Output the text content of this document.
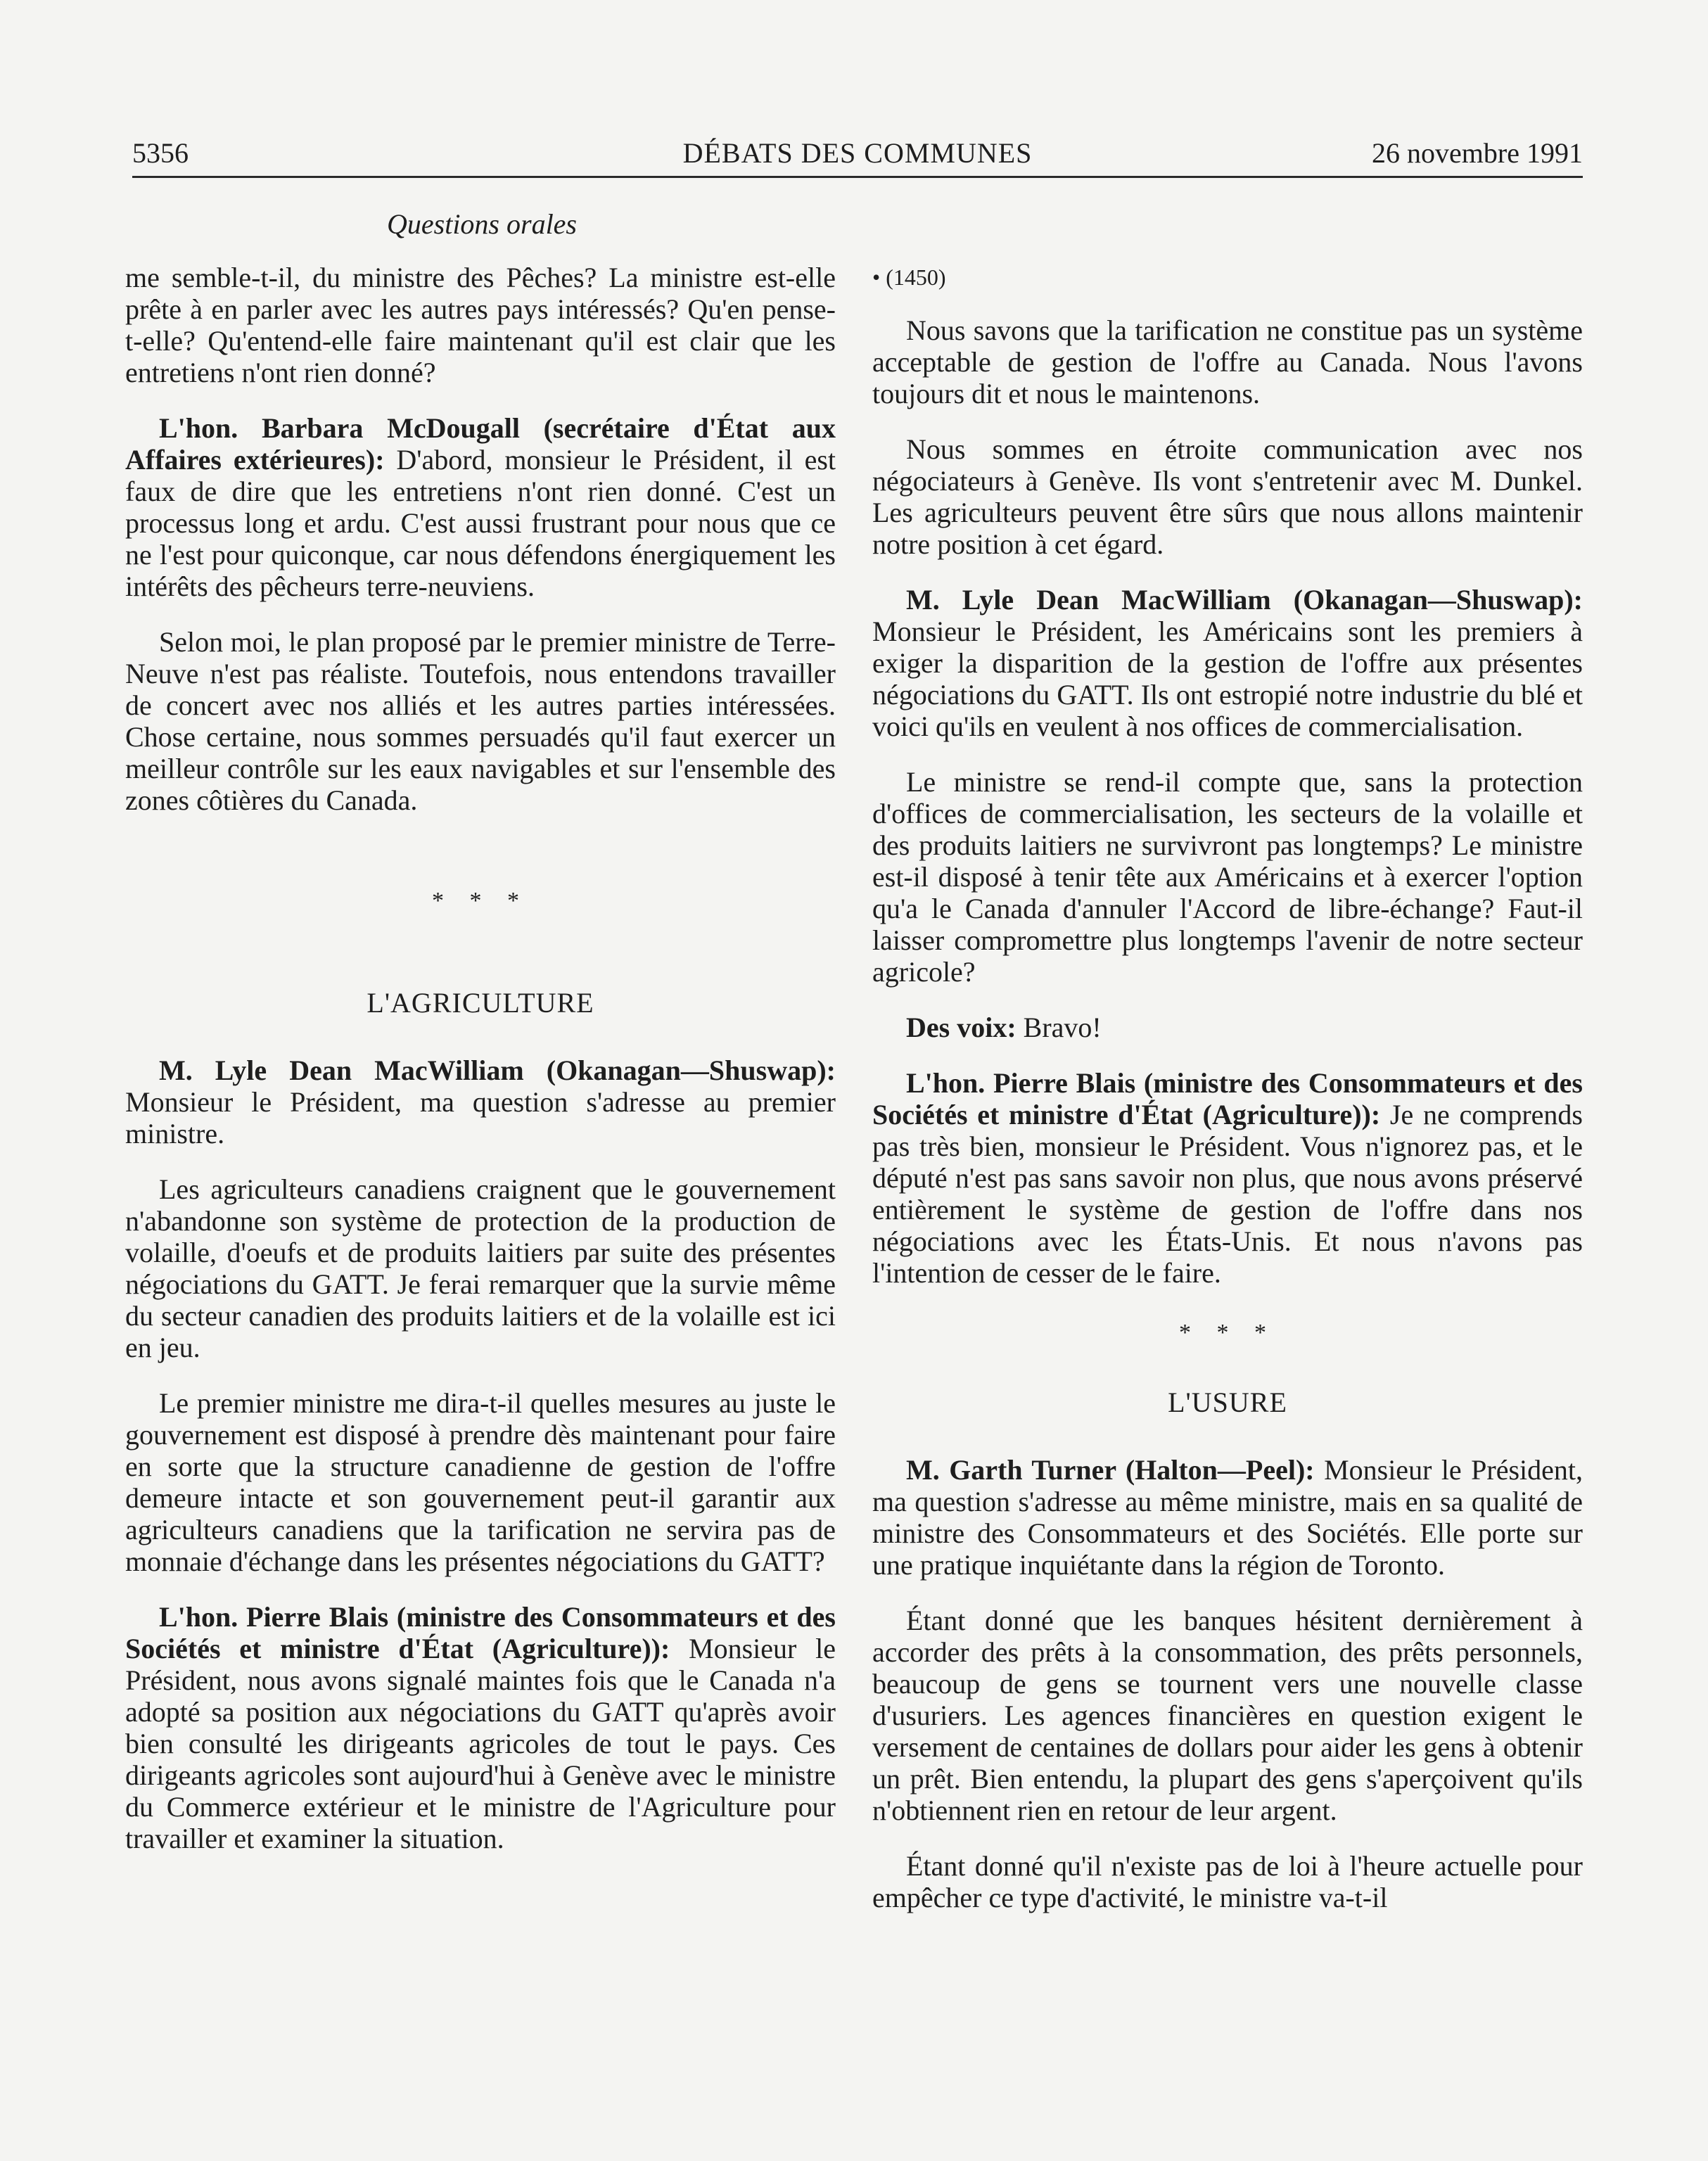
5356	DÉBATS DES COMMUNES	26 novembre 1991
Questions orales

me semble-t-il, du ministre des Pêches? La ministre est-elle prête à en parler avec les autres pays intéressés? Qu'en pense-t-elle? Qu'entend-elle faire maintenant qu'il est clair que les entretiens n'ont rien donné?

L'hon. Barbara McDougall (secrétaire d'État aux Affaires extérieures): D'abord, monsieur le Président, il est faux de dire que les entretiens n'ont rien donné. C'est un processus long et ardu. C'est aussi frustrant pour nous que ce ne l'est pour quiconque, car nous défendons énergiquement les intérêts des pêcheurs terre-neuviens.

Selon moi, le plan proposé par le premier ministre de Terre-Neuve n'est pas réaliste. Toutefois, nous entendons travailler de concert avec nos alliés et les autres parties intéressées. Chose certaine, nous sommes persuadés qu'il faut exercer un meilleur contrôle sur les eaux navigables et sur l'ensemble des zones côtières du Canada.

* * *
L'AGRICULTURE

M. Lyle Dean MacWilliam (Okanagan—Shuswap): Monsieur le Président, ma question s'adresse au premier ministre.

Les agriculteurs canadiens craignent que le gouvernement n'abandonne son système de protection de la production de volaille, d'oeufs et de produits laitiers par suite des présentes négociations du GATT. Je ferai remarquer que la survie même du secteur canadien des produits laitiers et de la volaille est ici en jeu.

Le premier ministre me dira-t-il quelles mesures au juste le gouvernement est disposé à prendre dès maintenant pour faire en sorte que la structure canadienne de gestion de l'offre demeure intacte et son gouvernement peut-il garantir aux agriculteurs canadiens que la tarification ne servira pas de monnaie d'échange dans les présentes négociations du GATT?

L'hon. Pierre Blais (ministre des Consommateurs et des Sociétés et ministre d'État (Agriculture)): Monsieur le Président, nous avons signalé maintes fois que le Canada n'a adopté sa position aux négociations du GATT qu'après avoir bien consulté les dirigeants agricoles de tout le pays. Ces dirigeants agricoles sont aujourd'hui à Genève avec le ministre du Commerce extérieur et le ministre de l'Agriculture pour travailler et examiner la situation.

• (1450)

Nous savons que la tarification ne constitue pas un système acceptable de gestion de l'offre au Canada. Nous l'avons toujours dit et nous le maintenons.

Nous sommes en étroite communication avec nos négociateurs à Genève. Ils vont s'entretenir avec M. Dunkel. Les agriculteurs peuvent être sûrs que nous allons maintenir notre position à cet égard.

M. Lyle Dean MacWilliam (Okanagan—Shuswap): Monsieur le Président, les Américains sont les premiers à exiger la disparition de la gestion de l'offre aux présentes négociations du GATT. Ils ont estropié notre industrie du blé et voici qu'ils en veulent à nos offices de commercialisation.

Le ministre se rend-il compte que, sans la protection d'offices de commercialisation, les secteurs de la volaille et des produits laitiers ne survivront pas longtemps? Le ministre est-il disposé à tenir tête aux Américains et à exercer l'option qu'a le Canada d'annuler l'Accord de libre-échange? Faut-il laisser compromettre plus longtemps l'avenir de notre secteur agricole?

Des voix: Bravo!

L'hon. Pierre Blais (ministre des Consommateurs et des Sociétés et ministre d'État (Agriculture)): Je ne comprends pas très bien, monsieur le Président. Vous n'ignorez pas, et le député n'est pas sans savoir non plus, que nous avons préservé entièrement le système de gestion de l'offre dans nos négociations avec les États-Unis. Et nous n'avons pas l'intention de cesser de le faire.

* * *
L'USURE

M. Garth Turner (Halton—Peel): Monsieur le Président, ma question s'adresse au même ministre, mais en sa qualité de ministre des Consommateurs et des Sociétés. Elle porte sur une pratique inquiétante dans la région de Toronto.

Étant donné que les banques hésitent dernièrement à accorder des prêts à la consommation, des prêts personnels, beaucoup de gens se tournent vers une nouvelle classe d'usuriers. Les agences financières en question exigent le versement de centaines de dollars pour aider les gens à obtenir un prêt. Bien entendu, la plupart des gens s'aperçoivent qu'ils n'obtiennent rien en retour de leur argent.

Étant donné qu'il n'existe pas de loi à l'heure actuelle pour empêcher ce type d'activité, le ministre va-t-il
